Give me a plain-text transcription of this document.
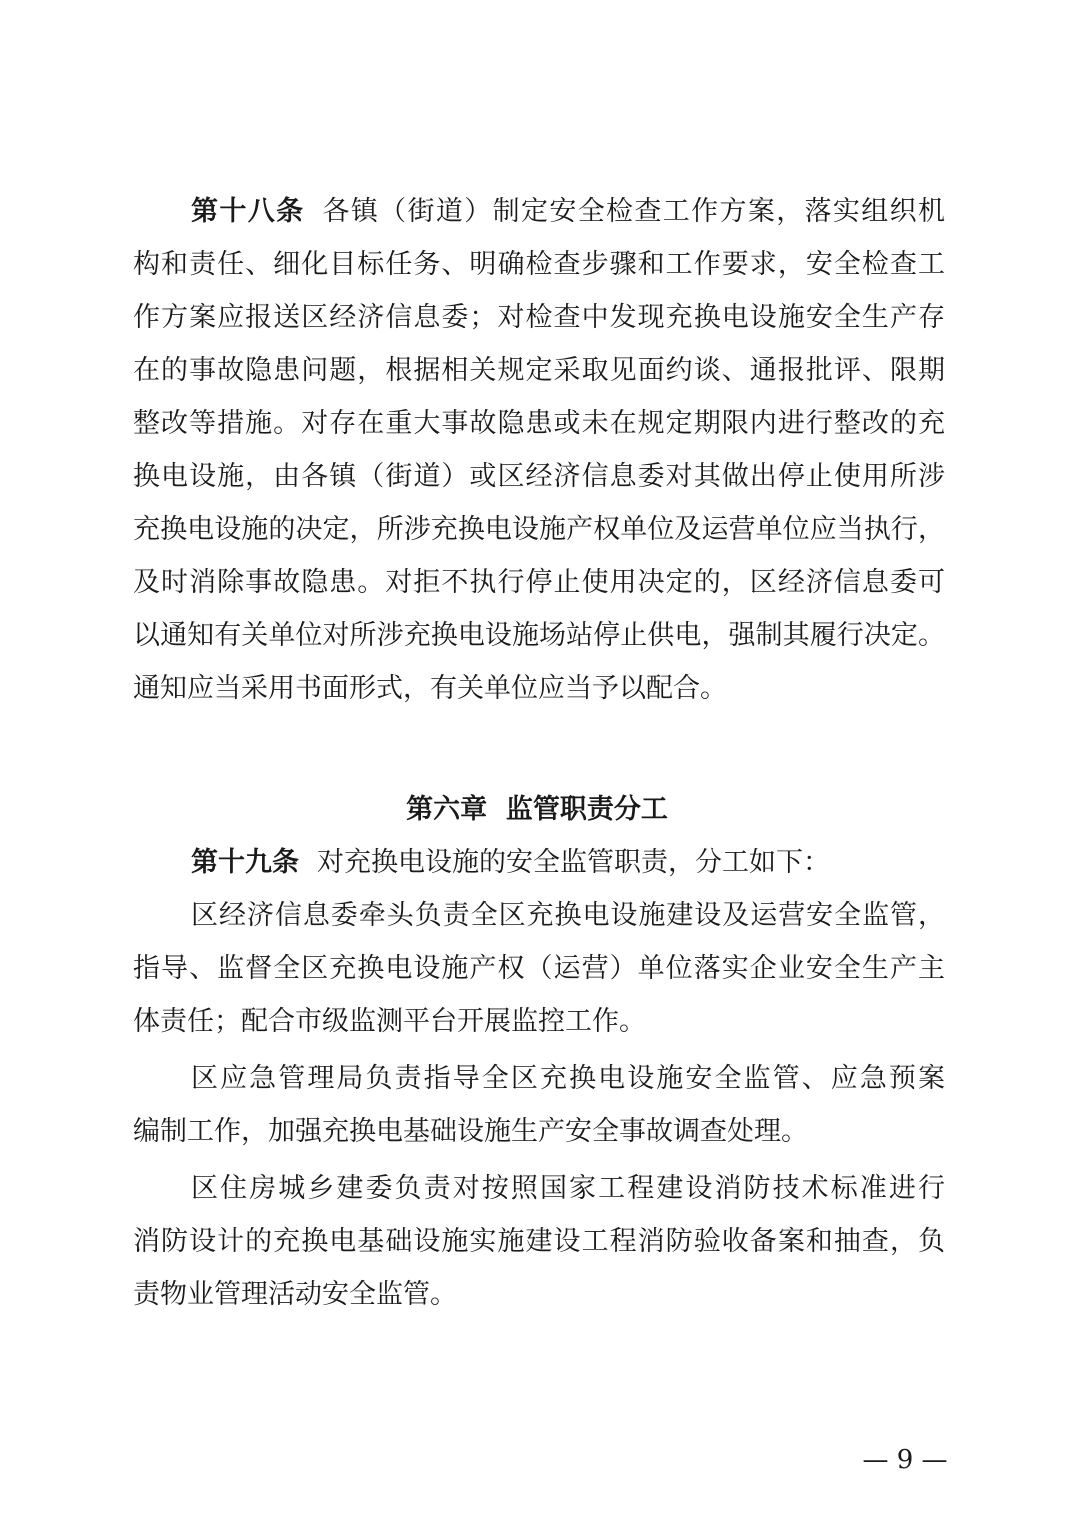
第十八条 各镇（街道）制定安全检查工作方案，落实组织机
构和责任、细化目标任务、明确检查步骤和工作要求，安全检查工
作方案应报送区经济信息委；对检查中发现充换电设施安全生产存
在的事故隐患问题，根据相关规定采取见面约谈、通报批评、限期
整改等措施。对存在重大事故隐患或未在规定期限内进行整改的充
换电设施，由各镇（街道）或区经济信息委对其做出停止使用所涉
充换电设施的决定，所涉充换电设施产权单位及运营单位应当执行，
及时消除事故隐患。对拒不执行停止使用决定的，区经济信息委可
以通知有关单位对所涉充换电设施场站停止供电，强制其履行决定。
通知应当采用书面形式，有关单位应当予以配合。
第六章  监管职责分工
第十九条 对充换电设施的安全监管职责，分工如下：
区经济信息委牵头负责全区充换电设施建设及运营安全监管，
指导、监督全区充换电设施产权（运营）单位落实企业安全生产主
体责任；配合市级监测平台开展监控工作。
区应急管理局负责指导全区充换电设施安全监管、应急预案
编制工作，加强充换电基础设施生产安全事故调查处理。
区住房城乡建委负责对按照国家工程建设消防技术标准进行
消防设计的充换电基础设施实施建设工程消防验收备案和抽查，负
责物业管理活动安全监管。
— 9 —
